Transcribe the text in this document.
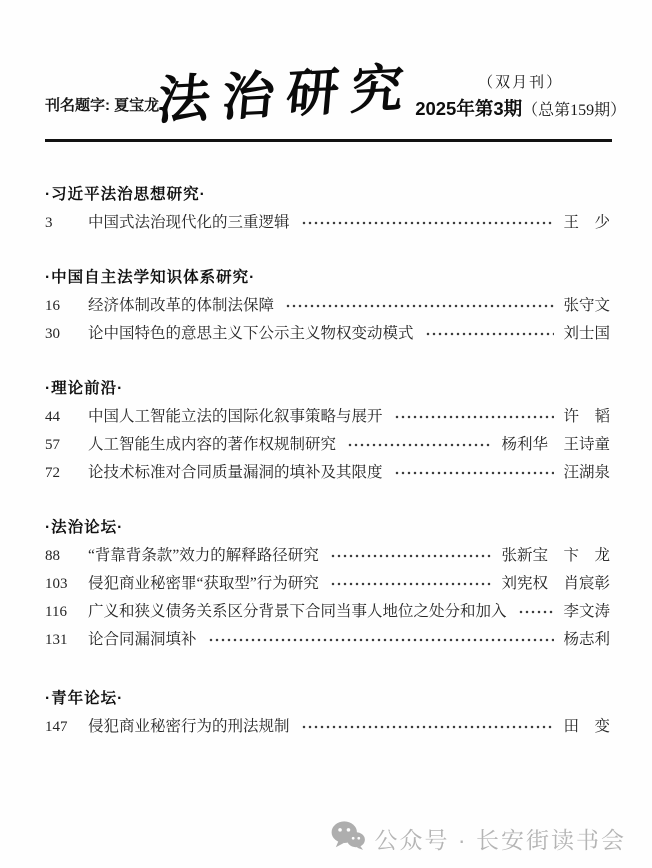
刊名题字: 夏宝龙
法治研究	（双月刊）
2025年第3期（总第159期）
·习近平法治思想研究·
3	中国式法治现代化的三重逻辑	王　少
·中国自主法学知识体系研究·
16	经济体制改革的体制法保障	张守文
30	论中国特色的意思主义下公示主义物权变动模式	刘士国
·理论前沿·
44	中国人工智能立法的国际化叙事策略与展开	许　韬
57	人工智能生成内容的著作权规制研究	杨利华　王诗童
72	论技术标准对合同质量漏洞的填补及其限度	汪湖泉
·法治论坛·
88	“背靠背条款”效力的解释路径研究	张新宝　卞　龙
103	侵犯商业秘密罪“获取型”行为研究	刘宪权　肖宸彰
116	广义和狭义债务关系区分背景下合同当事人地位之处分和加入	李文涛
131	论合同漏洞填补	杨志利
·青年论坛·
147	侵犯商业秘密行为的刑法规制	田　变
公众号 · 长安街读书会
